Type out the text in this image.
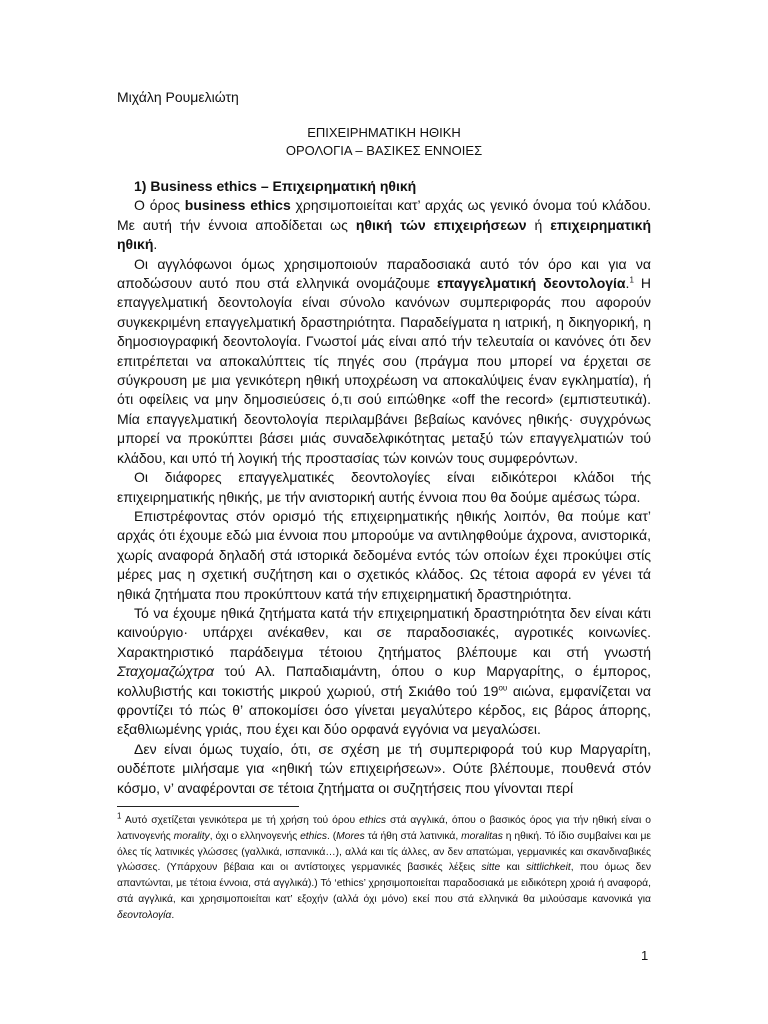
Μιχάλη Ρουμελιώτη
ΕΠΙΧΕΙΡΗΜΑΤΙΚΗ ΗΘΙΚΗ
ΟΡΟΛΟΓΙΑ – ΒΑΣΙΚΕΣ ΕΝΝΟΙΕΣ

1) Business ethics – Επιχειρηματική ηθική

Ο όρος business ethics χρησιμοποιείται κατ’ αρχάς ως γενικό όνομα τού κλάδου. Με αυτή τήν έννοια αποδίδεται ως ηθική τών επιχειρήσεων ή επιχειρηματική ηθική.

Οι αγγλόφωνοι όμως χρησιμοποιούν παραδοσιακά αυτό τόν όρο και για να αποδώσουν αυτό που στά ελληνικά ονομάζουμε επαγγελματική δεοντολογία.$^1$ Η επαγγελματική δεοντολογία είναι σύνολο κανόνων συμπεριφοράς που αφορούν συγκεκριμένη επαγγελματική δραστηριότητα. Παραδείγματα η ιατρική, η δικηγορική, η δημοσιογραφική δεοντολογία. Γνωστοί μάς είναι από τήν τελευταία οι κανόνες ότι δεν επιτρέπεται να αποκαλύπτεις τίς πηγές σου (πράγμα που μπορεί να έρχεται σε σύγκρουση με μια γενικότερη ηθική υποχρέωση να αποκαλύψεις έναν εγκληματία), ή ότι οφείλεις να μην δημοσιεύσεις ό,τι σού ειπώθηκε «off the record» (εμπιστευτικά). Μία επαγγελματική δεοντολογία περιλαμβάνει βεβαίως κανόνες ηθικής· συγχρόνως μπορεί να προκύπτει βάσει μιάς συναδελφικότητας μεταξύ τών επαγγελματιών τού κλάδου, και υπό τή λογική τής προστασίας τών κοινών τους συμφερόντων.

Οι διάφορες επαγγελματικές δεοντολογίες είναι ειδικότεροι κλάδοι τής επιχειρηματικής ηθικής, με τήν ανιστορική αυτής έννοια που θα δούμε αμέσως τώρα.

Επιστρέφοντας στόν ορισμό τής επιχειρηματικής ηθικής λοιπόν, θα πούμε κατ’ αρχάς ότι έχουμε εδώ μια έννοια που μπορούμε να αντιληφθούμε άχρονα, ανιστορικά, χωρίς αναφορά δηλαδή στά ιστορικά δεδομένα εντός τών οποίων έχει προκύψει στίς μέρες μας η σχετική συζήτηση και ο σχετικός κλάδος. Ως τέτοια αφορά εν γένει τά ηθικά ζητήματα που προκύπτουν κατά τήν επιχειρηματική δραστηριότητα.

Τό να έχουμε ηθικά ζητήματα κατά τήν επιχειρηματική δραστηριότητα δεν είναι κάτι καινούργιο· υπάρχει ανέκαθεν, και σε παραδοσιακές, αγροτικές κοινωνίες. Χαρακτηριστικό παράδειγμα τέτοιου ζητήματος βλέπουμε και στή γνωστή Σταχομαζώχτρα τού Αλ. Παπαδιαμάντη, όπου ο κυρ Μαργαρίτης, ο έμπορος, κολλυβιστής και τοκιστής μικρού χωριού, στή Σκιάθο τού $19^{o\upsilon}$ αιώνα, εμφανίζεται να φροντίζει τό πώς θ’ αποκομίσει όσο γίνεται μεγαλύτερο κέρδος, εις βάρος άπορης, εξαθλιωμένης γριάς, που έχει και δύο ορφανά εγγόνια να μεγαλώσει.

Δεν είναι όμως τυχαίο, ότι, σε σχέση με τή συμπεριφορά τού κυρ Μαργαρίτη, ουδέποτε μιλήσαμε για «ηθική τών επιχειρήσεων». Ούτε βλέπουμε, πουθενά στόν κόσμο, ν’ αναφέρονται σε τέτοια ζητήματα οι συζητήσεις που γίνονται περί

$^1$ Αυτό σχετίζεται γενικότερα με τή χρήση τού όρου ethics στά αγγλικά, όπου ο βασικός όρος για τήν ηθική είναι ο λατινογενής morality, όχι ο ελληνογενής ethics. (Mores τά ήθη στά λατινικά, moralitas η ηθική. Τό ίδιο συμβαίνει και με όλες τίς λατινικές γλώσσες (γαλλικά, ισπανικά…), αλλά και τίς άλλες, αν δεν απατώμαι, γερμανικές και σκανδιναβικές γλώσσες. (Υπάρχουν βέβαια και οι αντίστοιχες γερμανικές βασικές λέξεις sitte και sittlichkeit, που όμως δεν απαντώνται, με τέτοια έννοια, στά αγγλικά).) Τό ‘ethics’ χρησιμοποιείται παραδοσιακά με ειδικότερη χροιά ή αναφορά, στά αγγλικά, και χρησιμοποιείται κατ’ εξοχήν (αλλά όχι μόνο) εκεί που στά ελληνικά θα μιλούσαμε κανονικά για δεοντολογία.

1
